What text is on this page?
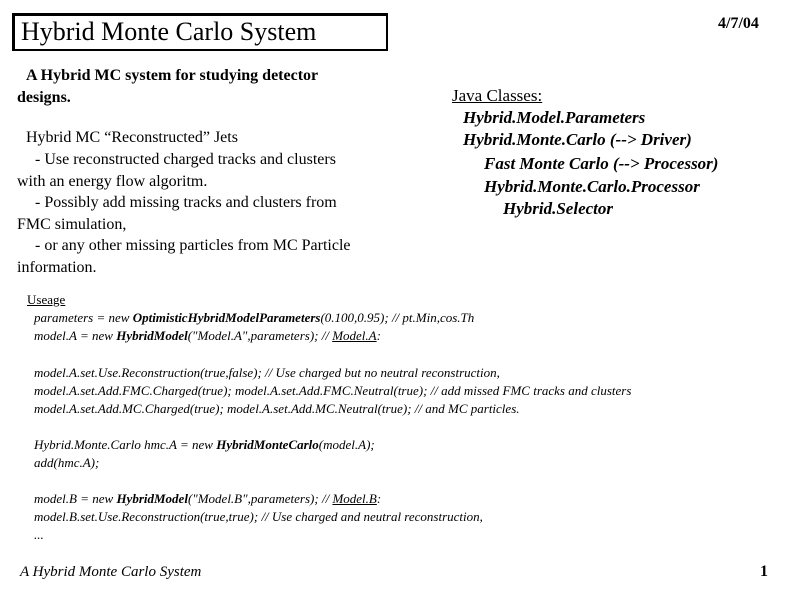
Hybrid Monte Carlo System	4/7/04
A Hybrid MC system for studying detector
designs.
Hybrid MC “Reconstructed” Jets
- Use reconstructed charged tracks and clusters
with an energy flow algoritm.
- Possibly add missing tracks and clusters from
FMC simulation,
- or any other missing particles from MC Particle
information.
Java Classes:
Hybrid.Model.Parameters
Hybrid.Monte.Carlo (--> Driver)
Fast Monte Carlo (--> Processor)
Hybrid.Monte.Carlo.Processor
Hybrid.Selector
Useage
parameters = new OptimisticHybridModelParameters(0.100,0.95); // pt.Min,cos.Th
model.A = new HybridModel("Model.A",parameters); // Model.A:
model.A.set.Use.Reconstruction(true,false); // Use charged but no neutral reconstruction,
model.A.set.Add.FMC.Charged(true); model.A.set.Add.FMC.Neutral(true); // add missed FMC tracks and clusters
model.A.set.Add.MC.Charged(true); model.A.set.Add.MC.Neutral(true); // and MC particles.
Hybrid.Monte.Carlo hmc.A = new HybridMonteCarlo(model.A);
add(hmc.A);
model.B = new HybridModel("Model.B",parameters); // Model.B:
model.B.set.Use.Reconstruction(true,true); // Use charged and neutral reconstruction,
...
A Hybrid Monte Carlo System	1
